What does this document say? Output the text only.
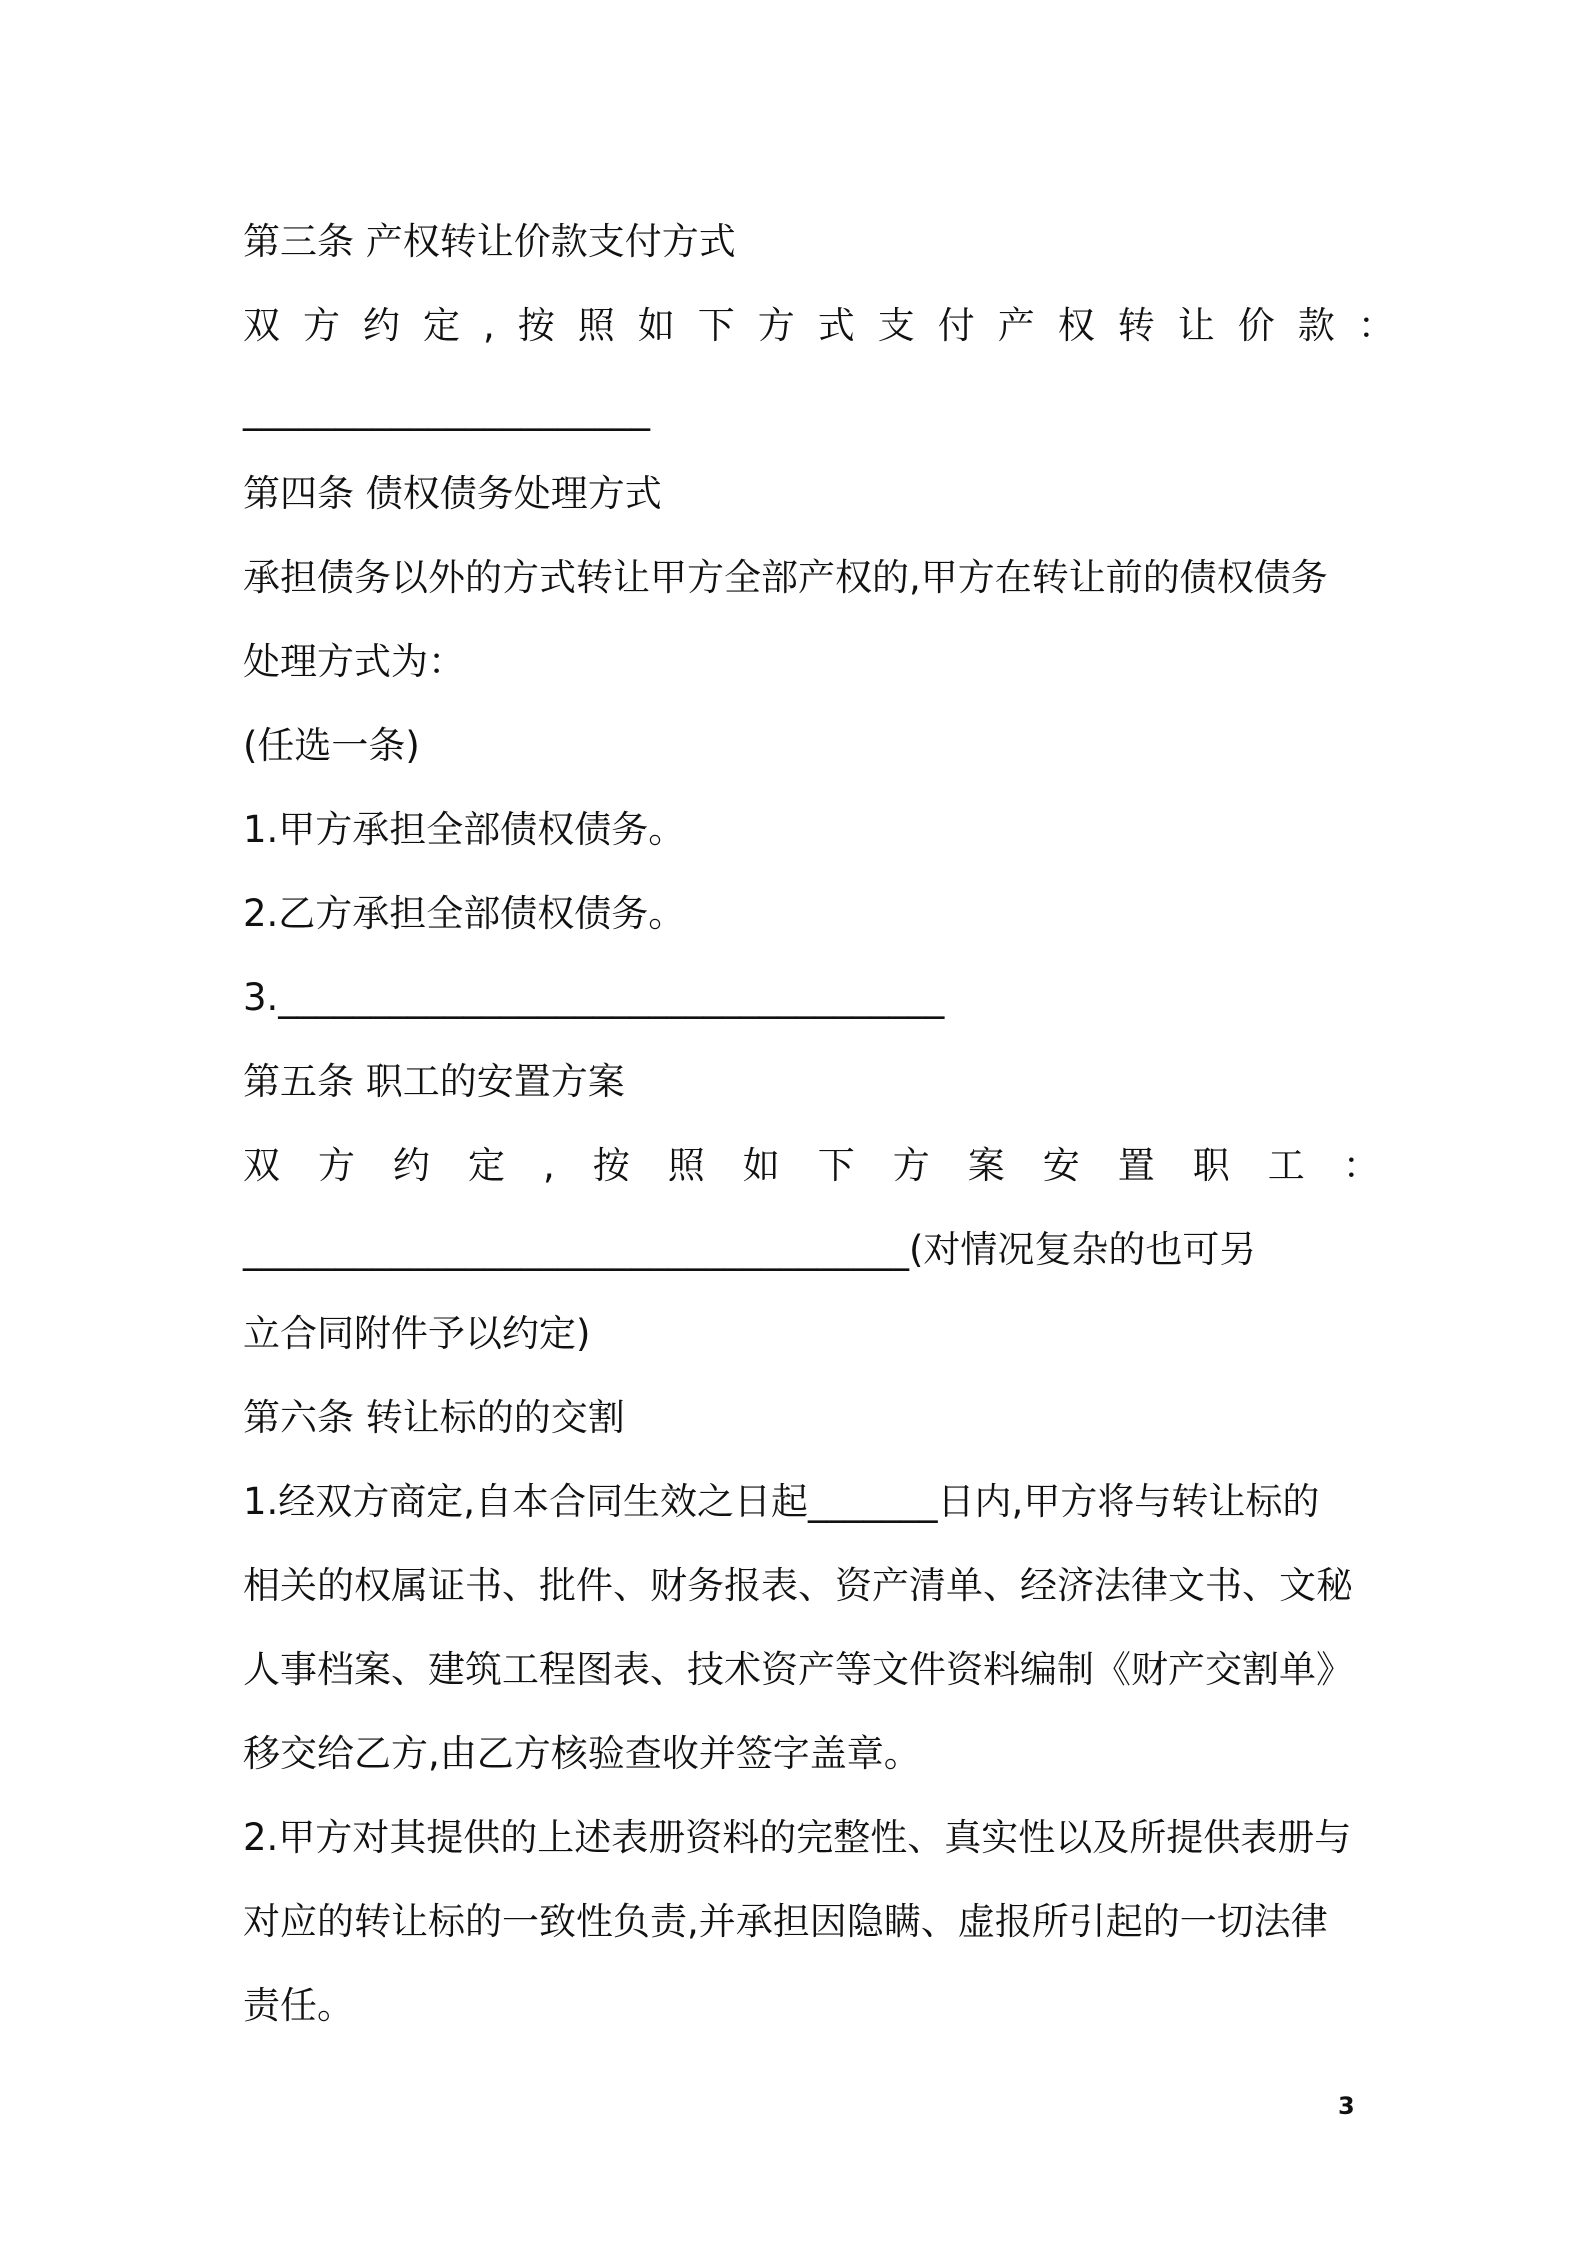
第三条 产权转让价款支付方式
双方约定,按照如下方式支付产权转让价款：
______________________
第四条 债权债务处理方式
承担债务以外的方式转让甲方全部产权的,甲方在转让前的债权债务
处理方式为：
(任选一条)
1.甲方承担全部债权债务。
2.乙方承担全部债权债务。
3.____________________________________
第五条 职工的安置方案
双方约定,按照如下方案安置职工：
____________________________________(对情况复杂的也可另
立合同附件予以约定)
第六条 转让标的的交割
1.经双方商定,自本合同生效之日起_______日内,甲方将与转让标的
相关的权属证书、批件、财务报表、资产清单、经济法律文书、文秘
人事档案、建筑工程图表、技术资产等文件资料编制《财产交割单》
移交给乙方,由乙方核验查收并签字盖章。
2.甲方对其提供的上述表册资料的完整性、真实性以及所提供表册与
对应的转让标的一致性负责,并承担因隐瞒、虚报所引起的一切法律
责任。
3
